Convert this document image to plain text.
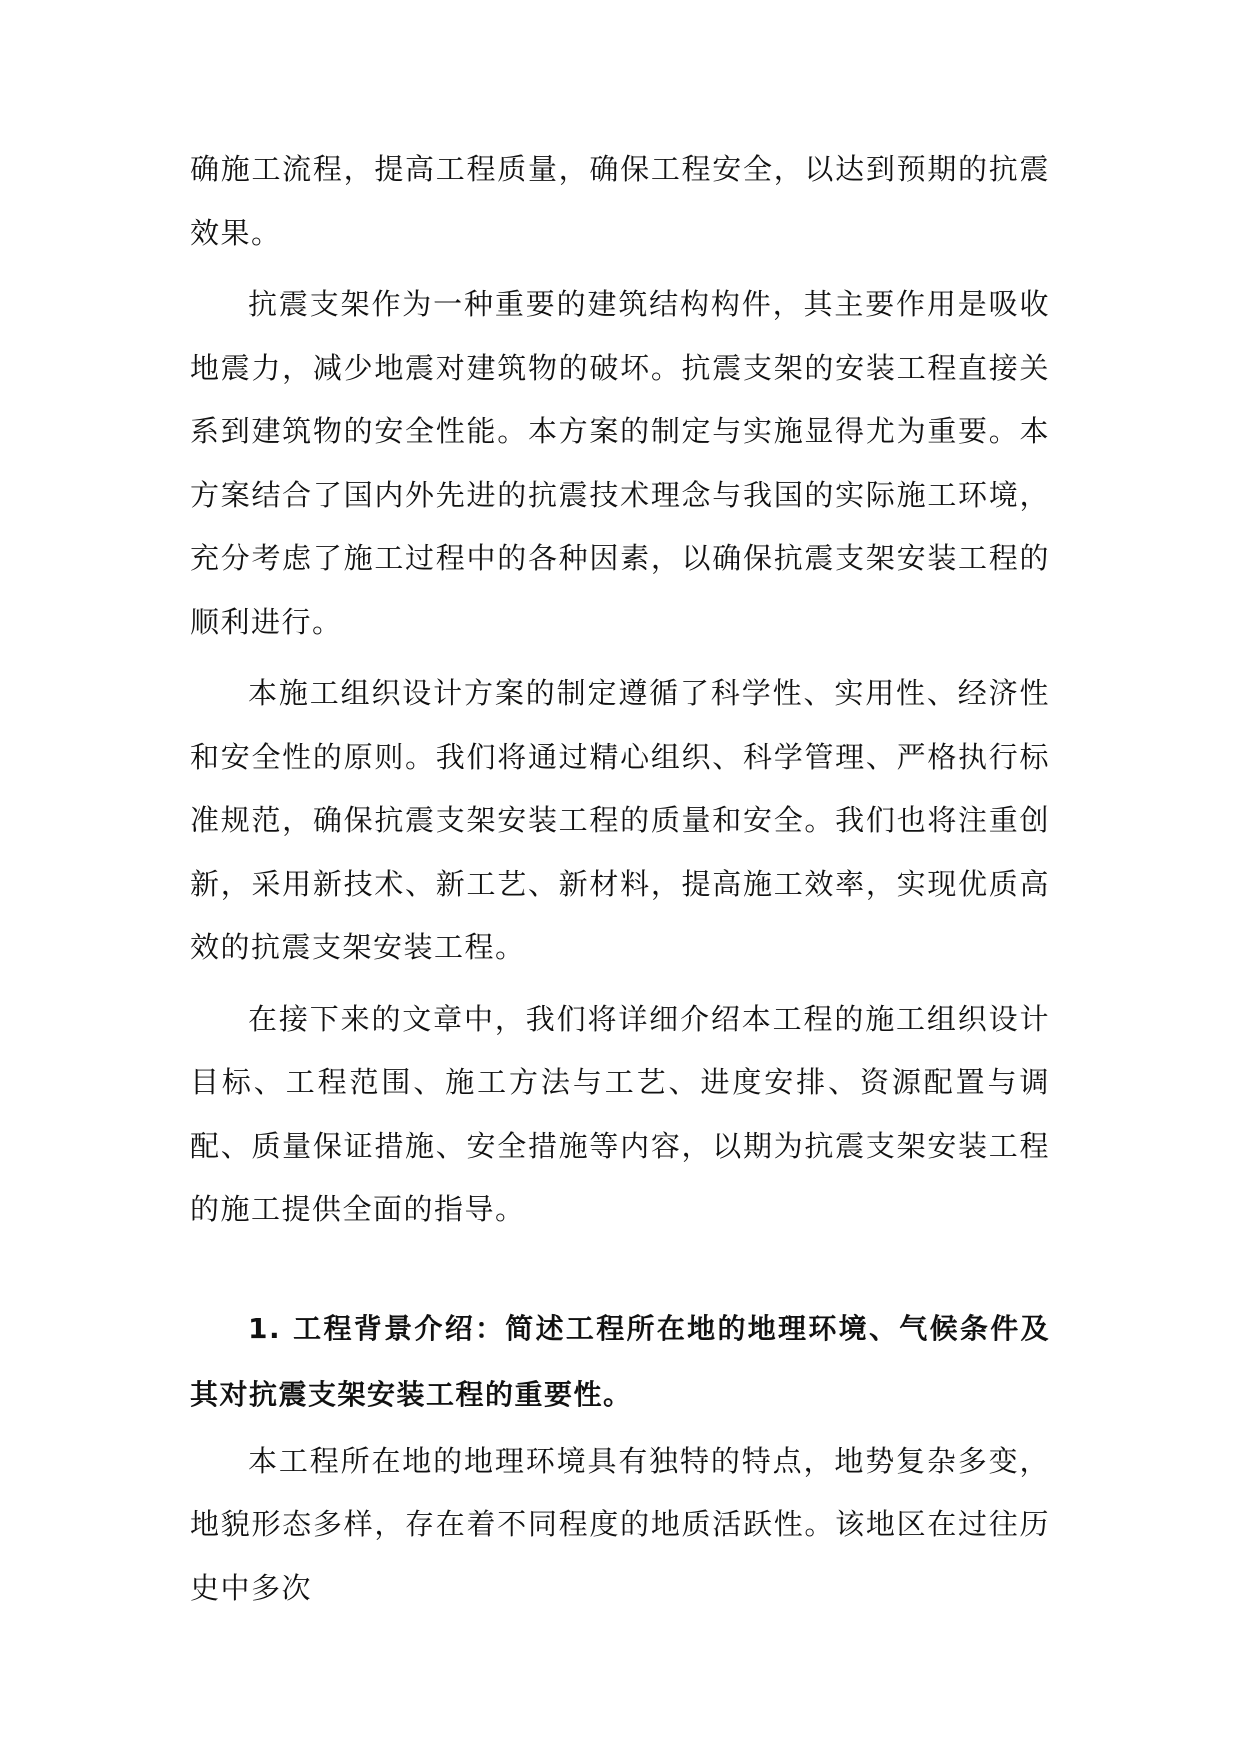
确施工流程，提高工程质量，确保工程安全，以达到预期的抗震效果。

抗震支架作为一种重要的建筑结构构件，其主要作用是吸收地震力，减少地震对建筑物的破坏。抗震支架的安装工程直接关系到建筑物的安全性能。本方案的制定与实施显得尤为重要。本方案结合了国内外先进的抗震技术理念与我国的实际施工环境，充分考虑了施工过程中的各种因素，以确保抗震支架安装工程的顺利进行。

本施工组织设计方案的制定遵循了科学性、实用性、经济性和安全性的原则。我们将通过精心组织、科学管理、严格执行标准规范，确保抗震支架安装工程的质量和安全。我们也将注重创新，采用新技术、新工艺、新材料，提高施工效率，实现优质高效的抗震支架安装工程。

在接下来的文章中，我们将详细介绍本工程的施工组织设计目标、工程范围、施工方法与工艺、进度安排、资源配置与调配、质量保证措施、安全措施等内容，以期为抗震支架安装工程的施工提供全面的指导。

1. 工程背景介绍：简述工程所在地的地理环境、气候条件及其对抗震支架安装工程的重要性。

本工程所在地的地理环境具有独特的特点，地势复杂多变，地貌形态多样，存在着不同程度的地质活跃性。该地区在过往历史中多次
